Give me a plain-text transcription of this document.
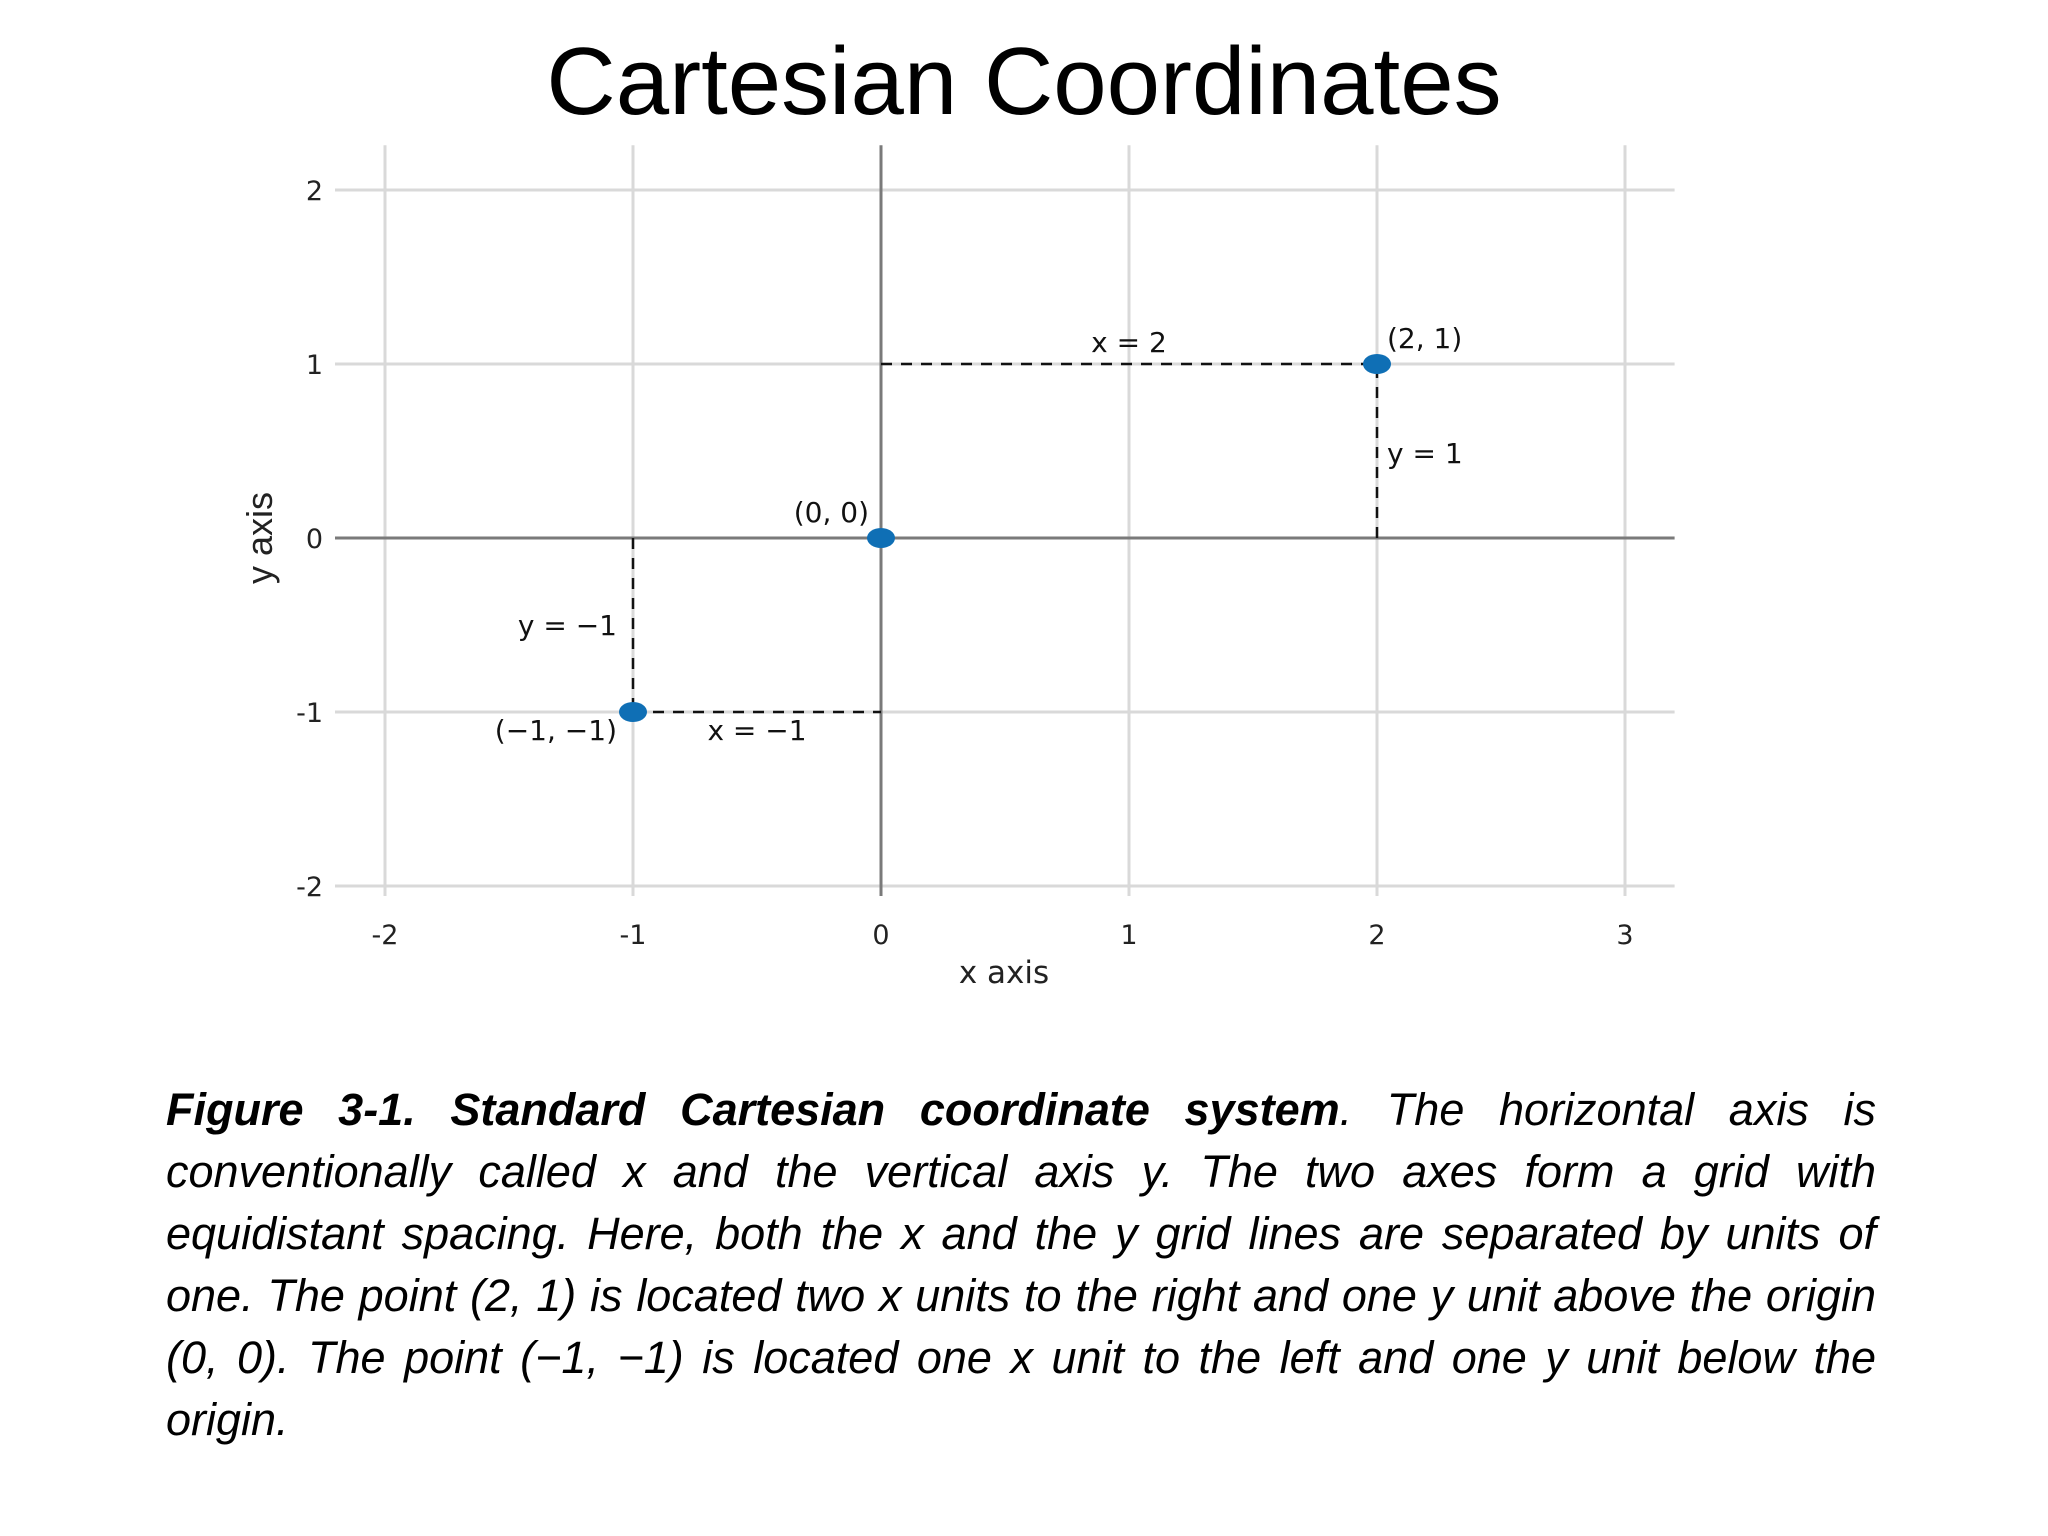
Cartesian Coordinates
-2	-1	0	1	2	3
-2
-1
0
1
2
x = 2
y = 1
y = −1
x = −1
(0, 0)
(2, 1)
(−1, −1)
x axis
y axis

Figure 3-1. Standard Cartesian coordinate system. The horizontal axis is conventionally called x and the vertical axis y. The two axes form a grid with equidistant spacing. Here, both the x and the y grid lines are separated by units of one. The point (2, 1) is located two x units to the right and one y unit above the origin (0, 0). The point (−1, −1) is located one x unit to the left and one y unit below the origin.
